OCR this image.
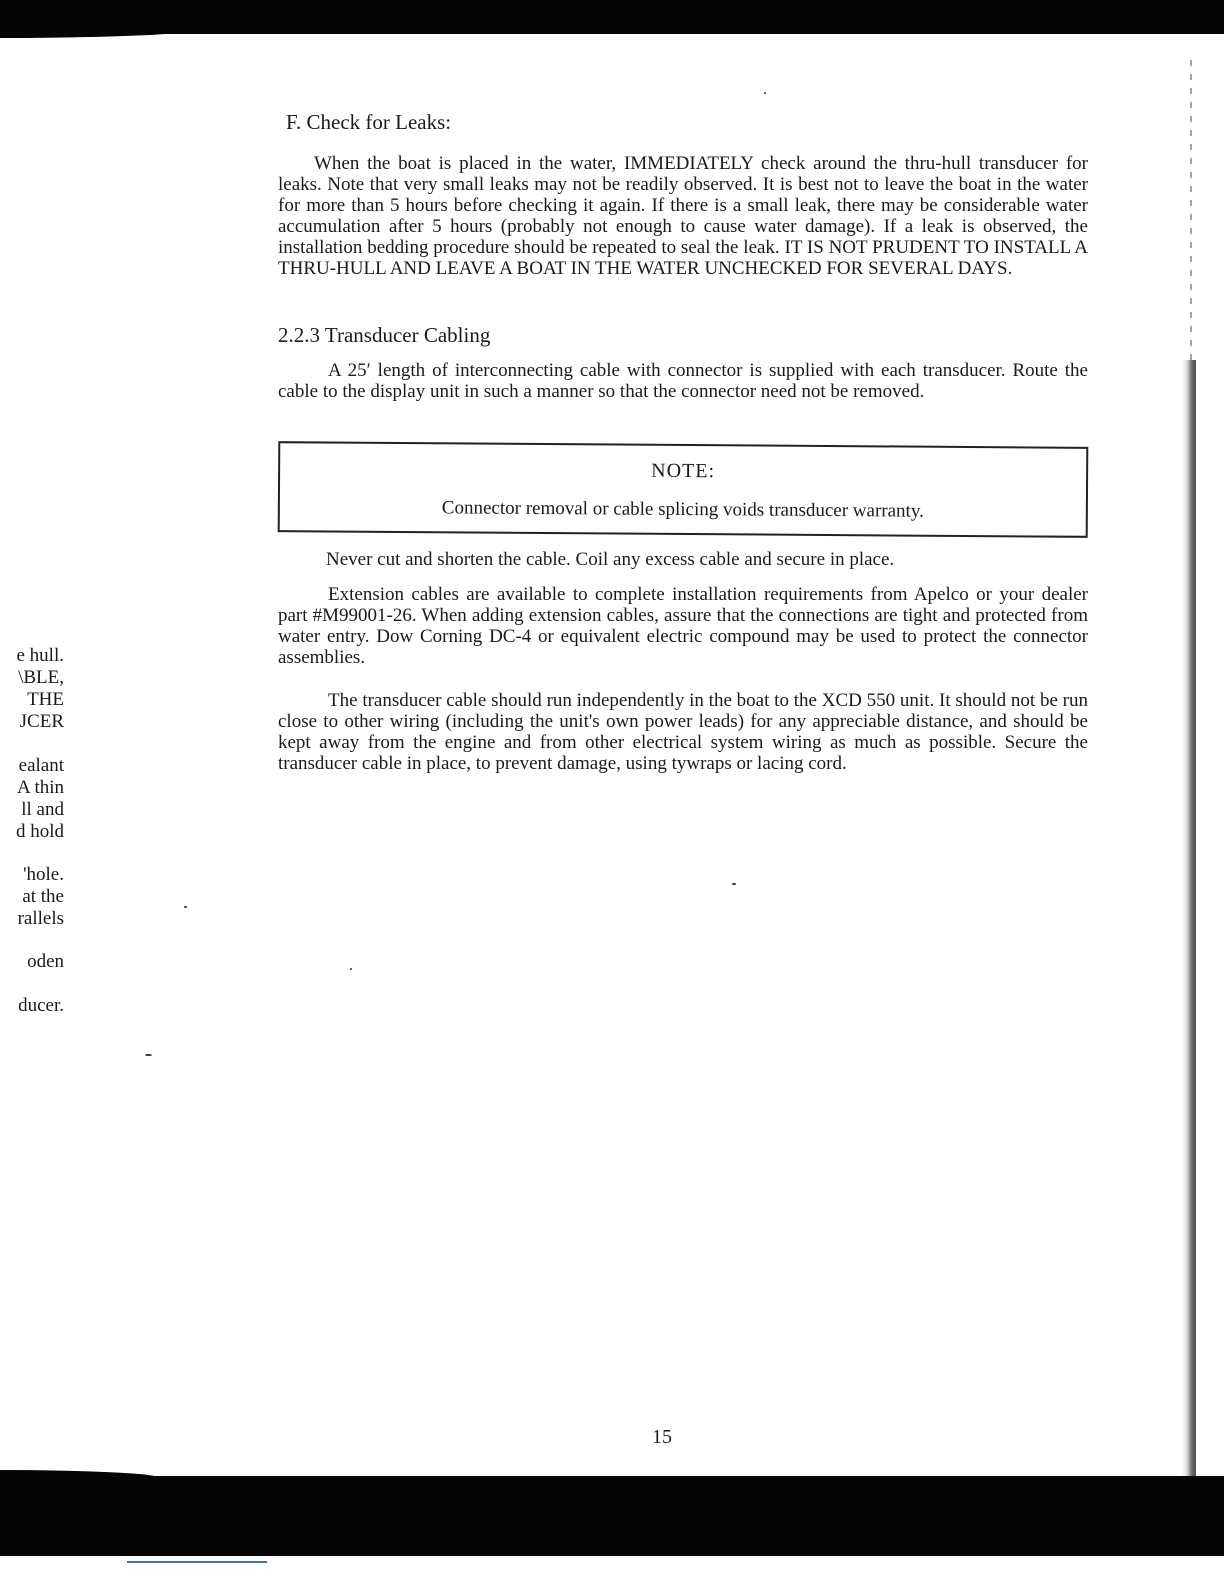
F. Check for Leaks:

When the boat is placed in the water, IMMEDIATELY check around the thru-hull transducer for leaks. Note that very small leaks may not be readily observed. It is best not to leave the boat in the water for more than 5 hours before checking it again. If there is a small leak, there may be considerable water accumulation after 5 hours (probably not enough to cause water damage). If a leak is observed, the installation bedding procedure should be repeated to seal the leak. IT IS NOT PRUDENT TO INSTALL A THRU-HULL AND LEAVE A BOAT IN THE WATER UNCHECKED FOR SEVERAL DAYS.

2.2.3 Transducer Cabling

A 25′ length of interconnecting cable with connector is supplied with each transducer. Route the cable to the display unit in such a manner so that the connector need not be removed.

NOTE:
Connector removal or cable splicing voids transducer warranty.

Never cut and shorten the cable. Coil any excess cable and secure in place.

Extension cables are available to complete installation requirements from Apelco or your dealer part #M99001-26. When adding extension cables, assure that the connections are tight and protected from water entry. Dow Corning DC-4 or equivalent electric compound may be used to protect the connector assemblies.

The transducer cable should run independently in the boat to the XCD 550 unit. It should not be run close to other wiring (including the unit's own power leads) for any appreciable distance, and should be kept away from the engine and from other electrical system wiring as much as possible. Secure the transducer cable in place, to prevent damage, using tywraps or lacing cord.

e hull.
\BLE,
THE
JCER
ealant
A thin
ll and
d hold
'hole.
at the
rallels
oden
ducer.
15
